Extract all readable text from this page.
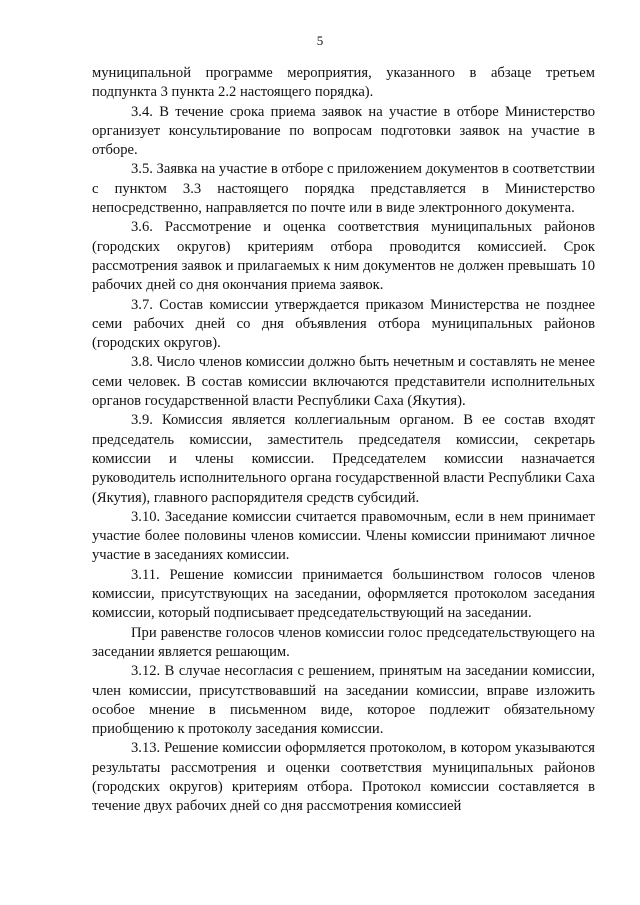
5

муниципальной программе мероприятия, указанного в абзаце третьем подпункта 3 пункта 2.2 настоящего порядка).

3.4. В течение срока приема заявок на участие в отборе Министерство организует консультирование по вопросам подготовки заявок на участие в отборе.

3.5. Заявка на участие в отборе с приложением документов в соответствии с пунктом 3.3 настоящего порядка представляется в Министерство непосредственно, направляется по почте или в виде электронного документа.

3.6. Рассмотрение и оценка соответствия муниципальных районов (городских округов) критериям отбора проводится комиссией. Срок рассмотрения заявок и прилагаемых к ним документов не должен превышать 10 рабочих дней со дня окончания приема заявок.

3.7. Состав комиссии утверждается приказом Министерства не позднее семи рабочих дней со дня объявления отбора муниципальных районов (городских округов).

3.8. Число членов комиссии должно быть нечетным и составлять не менее семи человек. В состав комиссии включаются представители исполнительных органов государственной власти Республики Саха (Якутия).

3.9. Комиссия является коллегиальным органом. В ее состав входят председатель комиссии, заместитель председателя комиссии, секретарь комиссии и члены комиссии. Председателем комиссии назначается руководитель исполнительного органа государственной власти Республики Саха (Якутия), главного распорядителя средств субсидий.

3.10. Заседание комиссии считается правомочным, если в нем принимает участие более половины членов комиссии. Члены комиссии принимают личное участие в заседаниях комиссии.

3.11. Решение комиссии принимается большинством голосов членов комиссии, присутствующих на заседании, оформляется протоколом заседания комиссии, который подписывает председательствующий на заседании.

При равенстве голосов членов комиссии голос председательствующего на заседании является решающим.

3.12. В случае несогласия с решением, принятым на заседании комиссии, член комиссии, присутствовавший на заседании комиссии, вправе изложить особое мнение в письменном виде, которое подлежит обязательному приобщению к протоколу заседания комиссии.

3.13. Решение комиссии оформляется протоколом, в котором указываются результаты рассмотрения и оценки соответствия муниципальных районов (городских округов) критериям отбора. Протокол комиссии составляется в течение двух рабочих дней со дня рассмотрения комиссией
